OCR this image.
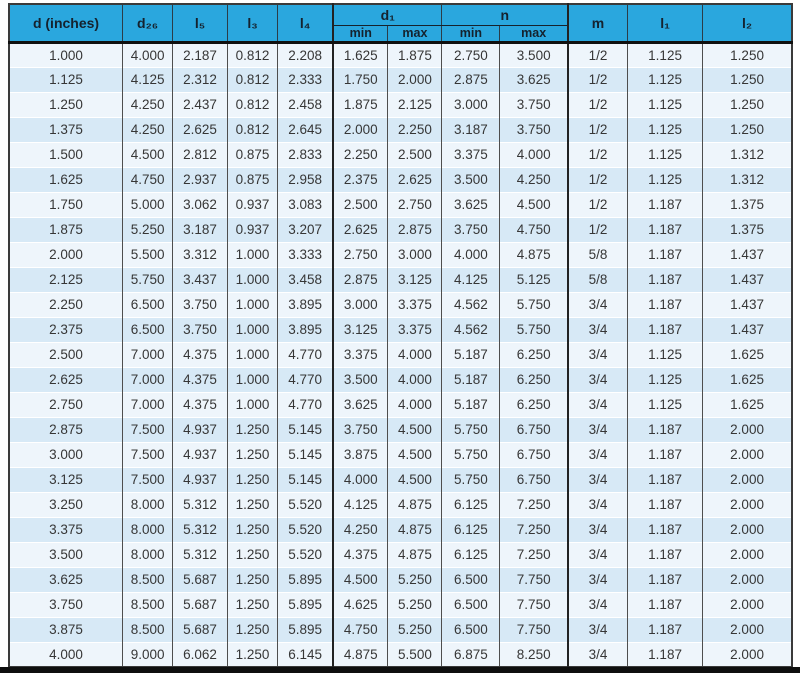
d (inches)	d₂₆	l₅	l₃	l₄	d₁		n		m	l₁	l₂
					min	max	min	max			
1.000	4.000	2.187	0.812	2.208	1.625	1.875	2.750	3.500	1/2	1.125	1.250
1.125	4.125	2.312	0.812	2.333	1.750	2.000	2.875	3.625	1/2	1.125	1.250
1.250	4.250	2.437	0.812	2.458	1.875	2.125	3.000	3.750	1/2	1.125	1.250
1.375	4.250	2.625	0.812	2.645	2.000	2.250	3.187	3.750	1/2	1.125	1.250
1.500	4.500	2.812	0.875	2.833	2.250	2.500	3.375	4.000	1/2	1.125	1.312
1.625	4.750	2.937	0.875	2.958	2.375	2.625	3.500	4.250	1/2	1.125	1.312
1.750	5.000	3.062	0.937	3.083	2.500	2.750	3.625	4.500	1/2	1.187	1.375
1.875	5.250	3.187	0.937	3.207	2.625	2.875	3.750	4.750	1/2	1.187	1.375
2.000	5.500	3.312	1.000	3.333	2.750	3.000	4.000	4.875	5/8	1.187	1.437
2.125	5.750	3.437	1.000	3.458	2.875	3.125	4.125	5.125	5/8	1.187	1.437
2.250	6.500	3.750	1.000	3.895	3.000	3.375	4.562	5.750	3/4	1.187	1.437
2.375	6.500	3.750	1.000	3.895	3.125	3.375	4.562	5.750	3/4	1.187	1.437
2.500	7.000	4.375	1.000	4.770	3.375	4.000	5.187	6.250	3/4	1.125	1.625
2.625	7.000	4.375	1.000	4.770	3.500	4.000	5.187	6.250	3/4	1.125	1.625
2.750	7.000	4.375	1.000	4.770	3.625	4.000	5.187	6.250	3/4	1.125	1.625
2.875	7.500	4.937	1.250	5.145	3.750	4.500	5.750	6.750	3/4	1.187	2.000
3.000	7.500	4.937	1.250	5.145	3.875	4.500	5.750	6.750	3/4	1.187	2.000
3.125	7.500	4.937	1.250	5.145	4.000	4.500	5.750	6.750	3/4	1.187	2.000
3.250	8.000	5.312	1.250	5.520	4.125	4.875	6.125	7.250	3/4	1.187	2.000
3.375	8.000	5.312	1.250	5.520	4.250	4.875	6.125	7.250	3/4	1.187	2.000
3.500	8.000	5.312	1.250	5.520	4.375	4.875	6.125	7.250	3/4	1.187	2.000
3.625	8.500	5.687	1.250	5.895	4.500	5.250	6.500	7.750	3/4	1.187	2.000
3.750	8.500	5.687	1.250	5.895	4.625	5.250	6.500	7.750	3/4	1.187	2.000
3.875	8.500	5.687	1.250	5.895	4.750	5.250	6.500	7.750	3/4	1.187	2.000
4.000	9.000	6.062	1.250	6.145	4.875	5.500	6.875	8.250	3/4	1.187	2.000
